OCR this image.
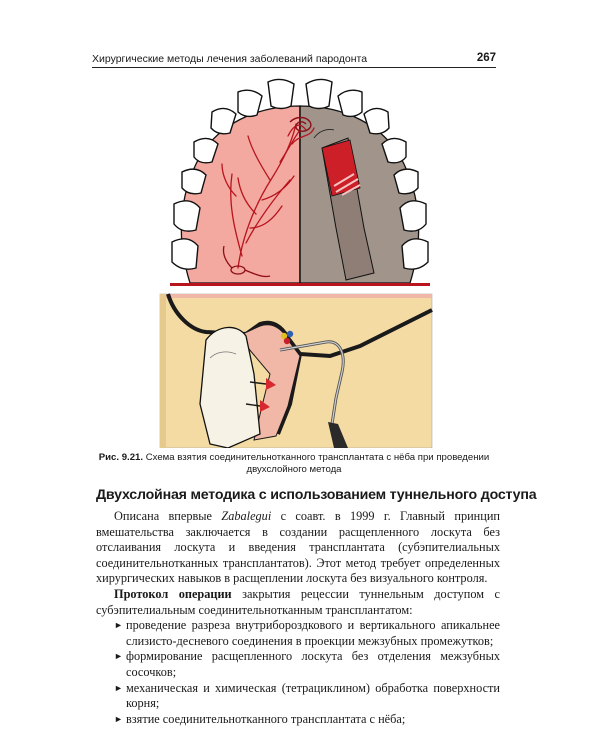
Хирургические методы лечения заболеваний пародонта	267
Рис. 9.21. Схема взятия соединительнотканного трансплантата с нёба при проведении двухслойного метода
Двухслойная методика с использованием туннельного доступа

Описана впервые Zabalegui с соавт. в 1999 г. Главный принцип вмешательства заключается в создании расщепленного лоскута без отслаивания лоскута и введения трансплантата (субэпителиальных соединительнотканных трансплантатов). Этот метод требует определенных хирургических навыков в расщеплении лоскута без визуального контроля.

Протокол операции закрытия рецессии туннельным доступом с субэпителиальным соединительнотканным трансплантатом:

► проведение разреза внутрибороздкового и вертикального апикальнее слизисто-десневого соединения в проекции межзубных промежутков;
► формирование расщепленного лоскута без отделения межзубных сосочков;
► механическая и химическая (тетрациклином) обработка поверхности корня;
► взятие соединительнотканного трансплантата с нёба;
